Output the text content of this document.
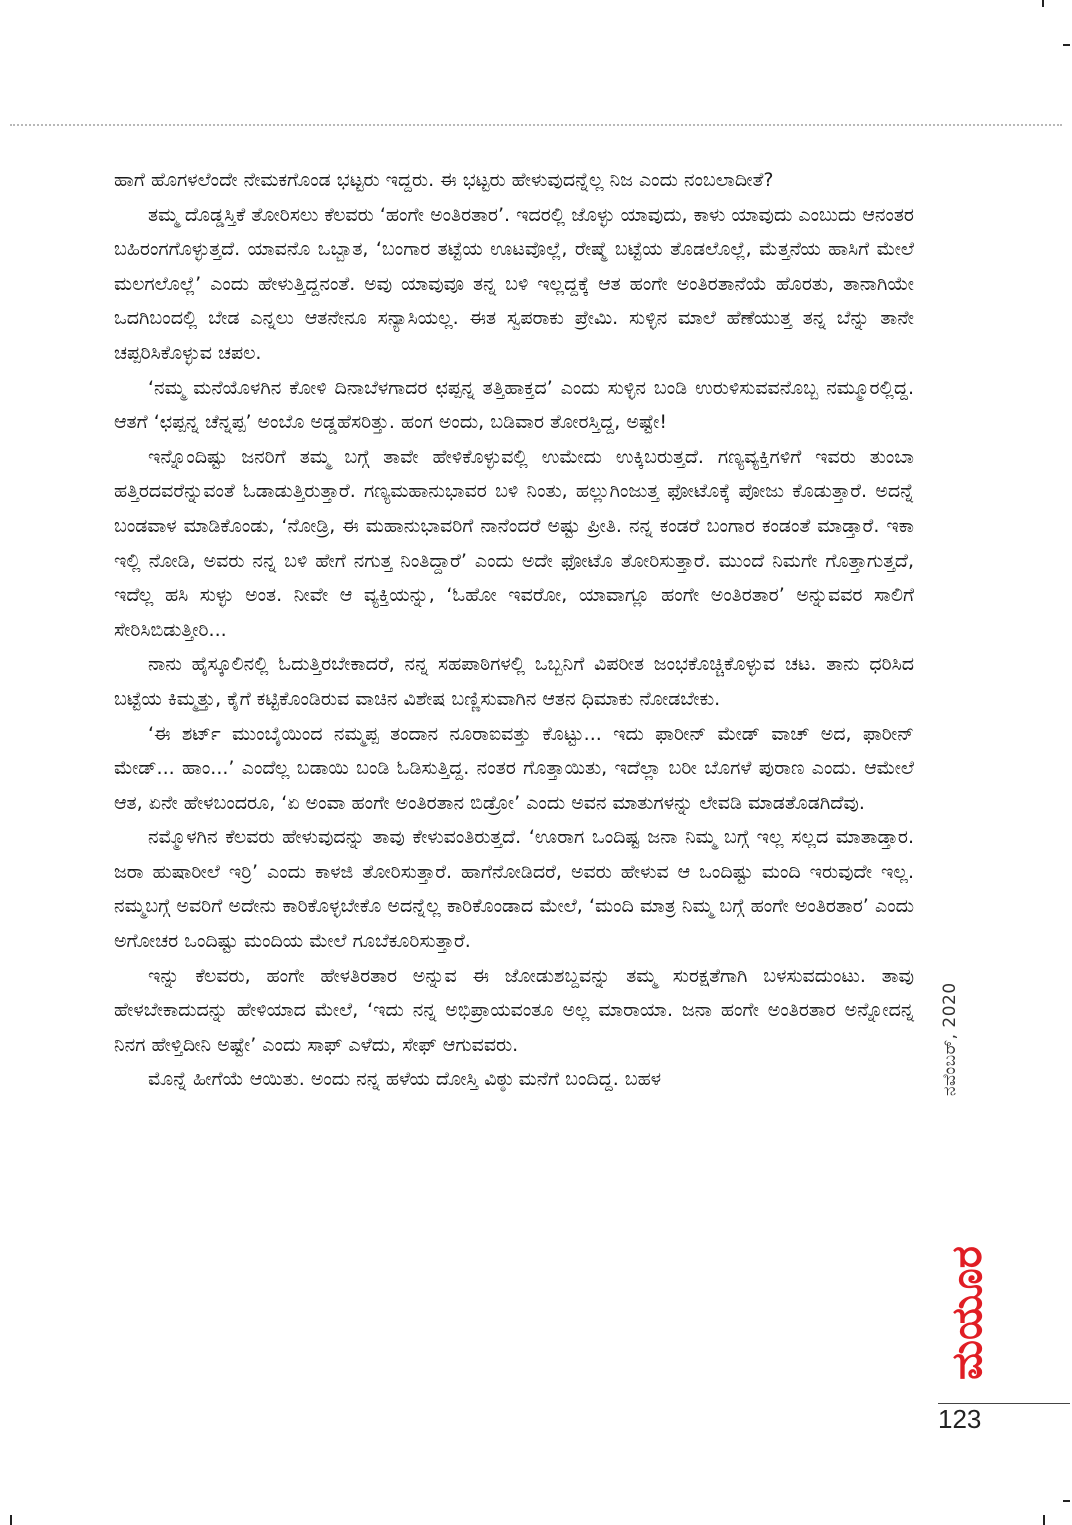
ಹಾಗೆ ಹೊಗಳಲೆಂದೇ ನೇಮಕಗೊಂಡ ಭಟ್ಟರು ಇದ್ದರು. ಈ ಭಟ್ಟರು ಹೇಳುವುದನ್ನೆಲ್ಲ ನಿಜ ಎಂದು ನಂಬಲಾದೀತೆ?

ತಮ್ಮ ದೊಡ್ಡಸ್ತಿಕೆ ತೋರಿಸಲು ಕೆಲವರು ‘ಹಂಗೇ ಅಂತಿರತಾರ’. ಇದರಲ್ಲಿ ಜೊಳ್ಳು ಯಾವುದು, ಕಾಳು ಯಾವುದು ಎಂಬುದು ಆನಂತರ ಬಹಿರಂಗಗೊಳ್ಳುತ್ತದೆ. ಯಾವನೊ ಒಬ್ಬಾತ, ‘ಬಂಗಾರ ತಟ್ಟೆಯ ಊಟವೊಲ್ಲೆ, ರೇಷ್ಮೆ ಬಟ್ಟೆಯ ತೊಡಲೊಲ್ಲೆ, ಮೆತ್ತನೆಯ ಹಾಸಿಗೆ ಮೇಲೆ ಮಲಗಲೊಲ್ಲೆ’ ಎಂದು ಹೇಳುತ್ತಿದ್ದನಂತೆ. ಅವು ಯಾವುವೂ ತನ್ನ ಬಳಿ ಇಲ್ಲದ್ದಕ್ಕೆ ಆತ ಹಂಗೇ ಅಂತಿರತಾನೆಯೆ ಹೊರತು, ತಾನಾಗಿಯೇ ಒದಗಿಬಂದಲ್ಲಿ ಬೇಡ ಎನ್ನಲು ಆತನೇನೂ ಸನ್ಯಾಸಿಯಲ್ಲ. ಈತ ಸ್ವಪರಾಕು ಪ್ರೇಮಿ. ಸುಳ್ಳಿನ ಮಾಲೆ ಹೆಣೆಯುತ್ತ ತನ್ನ ಬೆನ್ನು ತಾನೇ ಚಪ್ಪರಿಸಿಕೊಳ್ಳುವ ಚಪಲ.

‘ನಮ್ಮ ಮನೆಯೊಳಗಿನ ಕೋಳಿ ದಿನಾಬೆಳಗಾದರ ಛಪ್ಪನ್ನ ತತ್ತಿಹಾಕ್ತದ’ ಎಂದು ಸುಳ್ಳಿನ ಬಂಡಿ ಉರುಳಿಸುವವನೊಬ್ಬ ನಮ್ಮೂರಲ್ಲಿದ್ದ. ಆತಗೆ ‘ಛಪ್ಪನ್ನ ಚೆನ್ನಪ್ಪ’ ಅಂಬೊ ಅಡ್ಡಹೆಸರಿತ್ತು. ಹಂಗ ಅಂದು, ಬಡಿವಾರ ತೋರಸ್ತಿದ್ದ, ಅಷ್ಟೇ!

ಇನ್ನೊಂದಿಷ್ಟು ಜನರಿಗೆ ತಮ್ಮ ಬಗ್ಗೆ ತಾವೇ ಹೇಳಿಕೊಳ್ಳುವಲ್ಲಿ ಉಮೇದು ಉಕ್ಕಿಬರುತ್ತದೆ. ಗಣ್ಯವ್ಯಕ್ತಿಗಳಿಗೆ ಇವರು ತುಂಬಾ ಹತ್ತಿರದವರೆನ್ನುವಂತೆ ಓಡಾಡುತ್ತಿರುತ್ತಾರೆ. ಗಣ್ಯಮಹಾನುಭಾವರ ಬಳಿ ನಿಂತು, ಹಲ್ಲುಗಿಂಜುತ್ತ ಫೋಟೊಕ್ಕೆ ಪೋಜು ಕೊಡುತ್ತಾರೆ. ಅದನ್ನೆ ಬಂಡವಾಳ ಮಾಡಿಕೊಂಡು, ‘ನೋಡ್ರಿ, ಈ ಮಹಾನುಭಾವರಿಗೆ ನಾನೆಂದರೆ ಅಷ್ಟು ಪ್ರೀತಿ. ನನ್ನ ಕಂಡರೆ ಬಂಗಾರ ಕಂಡಂತೆ ಮಾಡ್ತಾರೆ. ಇಕಾ ಇಲ್ಲಿ ನೋಡಿ, ಅವರು ನನ್ನ ಬಳಿ ಹೇಗೆ ನಗುತ್ತ ನಿಂತಿದ್ದಾರೆ’ ಎಂದು ಅದೇ ಫೋಟೊ ತೋರಿಸುತ್ತಾರೆ. ಮುಂದೆ ನಿಮಗೇ ಗೊತ್ತಾಗುತ್ತದೆ, ಇದೆಲ್ಲ ಹಸಿ ಸುಳ್ಳು ಅಂತ. ನೀವೇ ಆ ವ್ಯಕ್ತಿಯನ್ನು, ‘ಓಹೋ ಇವರೋ, ಯಾವಾಗ್ಲೂ ಹಂಗೇ ಅಂತಿರತಾರ’ ಅನ್ನುವವರ ಸಾಲಿಗೆ ಸೇರಿಸಿಬಿಡುತ್ತೀರಿ...

ನಾನು ಹೈಸ್ಕೂಲಿನಲ್ಲಿ ಓದುತ್ತಿರಬೇಕಾದರೆ, ನನ್ನ ಸಹಪಾಠಿಗಳಲ್ಲಿ ಒಬ್ಬನಿಗೆ ವಿಪರೀತ ಜಂಭಕೊಚ್ಚಿಕೊಳ್ಳುವ ಚಟ. ತಾನು ಧರಿಸಿದ ಬಟ್ಟೆಯ ಕಿಮ್ಮತ್ತು, ಕೈಗೆ ಕಟ್ಟಿಕೊಂಡಿರುವ ವಾಚಿನ ವಿಶೇಷ ಬಣ್ಣಿಸುವಾಗಿನ ಆತನ ಧಿಮಾಕು ನೋಡಬೇಕು.

‘ಈ ಶರ್ಟ್ ಮುಂಬೈಯಿಂದ ನಮ್ಮಪ್ಪ ತಂದಾನ ನೂರಾಐವತ್ತು ಕೊಟ್ಟು... ಇದು ಫಾರೀನ್ ಮೇಡ್ ವಾಚ್ ಅದ, ಫಾರೀನ್ ಮೇಡ್... ಹಾಂ...’ ಎಂದೆಲ್ಲ ಬಡಾಯಿ ಬಂಡಿ ಓಡಿಸುತ್ತಿದ್ದ. ನಂತರ ಗೊತ್ತಾಯಿತು, ಇದೆಲ್ಲಾ ಬರೀ ಬೊಗಳೆ ಪುರಾಣ ಎಂದು. ಆಮೇಲೆ ಆತ, ಏನೇ ಹೇಳಬಂದರೂ, ‘ಏ ಅಂವಾ ಹಂಗೇ ಅಂತಿರತಾನ ಬಿಡ್ರೋ’ ಎಂದು ಅವನ ಮಾತುಗಳನ್ನು ಲೇವಡಿ ಮಾಡತೊಡಗಿದೆವು.

ನಮ್ಮೊಳಗಿನ ಕೆಲವರು ಹೇಳುವುದನ್ನು ತಾವು ಕೇಳುವಂತಿರುತ್ತದೆ. ‘ಊರಾಗ ಒಂದಿಷ್ಟ ಜನಾ ನಿಮ್ಮ ಬಗ್ಗೆ ಇಲ್ಲ ಸಲ್ಲದ ಮಾತಾಡ್ತಾರ. ಜರಾ ಹುಷಾರೀಲೆ ಇರ್‍ರಿ’ ಎಂದು ಕಾಳಜಿ ತೋರಿಸುತ್ತಾರೆ. ಹಾಗೆನೋಡಿದರೆ, ಅವರು ಹೇಳುವ ಆ ಒಂದಿಷ್ಟು ಮಂದಿ ಇರುವುದೇ ಇಲ್ಲ. ನಮ್ಮಬಗ್ಗೆ ಅವರಿಗೆ ಅದೇನು ಕಾರಿಕೊಳ್ಳಬೇಕೊ ಅದನ್ನೆಲ್ಲ ಕಾರಿಕೊಂಡಾದ ಮೇಲೆ, ‘ಮಂದಿ ಮಾತ್ರ ನಿಮ್ಮ ಬಗ್ಗೆ ಹಂಗೇ ಅಂತಿರತಾರ’ ಎಂದು ಅಗೋಚರ ಒಂದಿಷ್ಟು ಮಂದಿಯ ಮೇಲೆ ಗೂಬೆಕೂರಿಸುತ್ತಾರೆ.

ಇನ್ನು ಕೆಲವರು, ಹಂಗೇ ಹೇಳತಿರತಾರ ಅನ್ನುವ ಈ ಜೋಡುಶಬ್ದವನ್ನು ತಮ್ಮ ಸುರಕ್ಷತೆಗಾಗಿ ಬಳಸುವದುಂಟು. ತಾವು ಹೇಳಬೇಕಾದುದನ್ನು ಹೇಳಿಯಾದ ಮೇಲೆ, ‘ಇದು ನನ್ನ ಅಭಿಪ್ರಾಯವಂತೂ ಅಲ್ಲ ಮಾರಾಯಾ. ಜನಾ ಹಂಗೇ ಅಂತಿರತಾರ ಅನ್ನೋದನ್ನ ನಿನಗ ಹೇಳ್ತಿದೀನಿ ಅಷ್ಟೇ’ ಎಂದು ಸಾಫ್ ಎಳೆದು, ಸೇಫ್ ಆಗುವವರು.

ಮೊನ್ನೆ ಹೀಗೆಯೆ ಆಯಿತು. ಅಂದು ನನ್ನ ಹಳೆಯ ದೋಸ್ತಿ ವಿಠ್ಠು ಮನೆಗೆ ಬಂದಿದ್ದ. ಬಹಳ	ನವೆಂಬರ್, 2020
ಮಯೂರ
123
